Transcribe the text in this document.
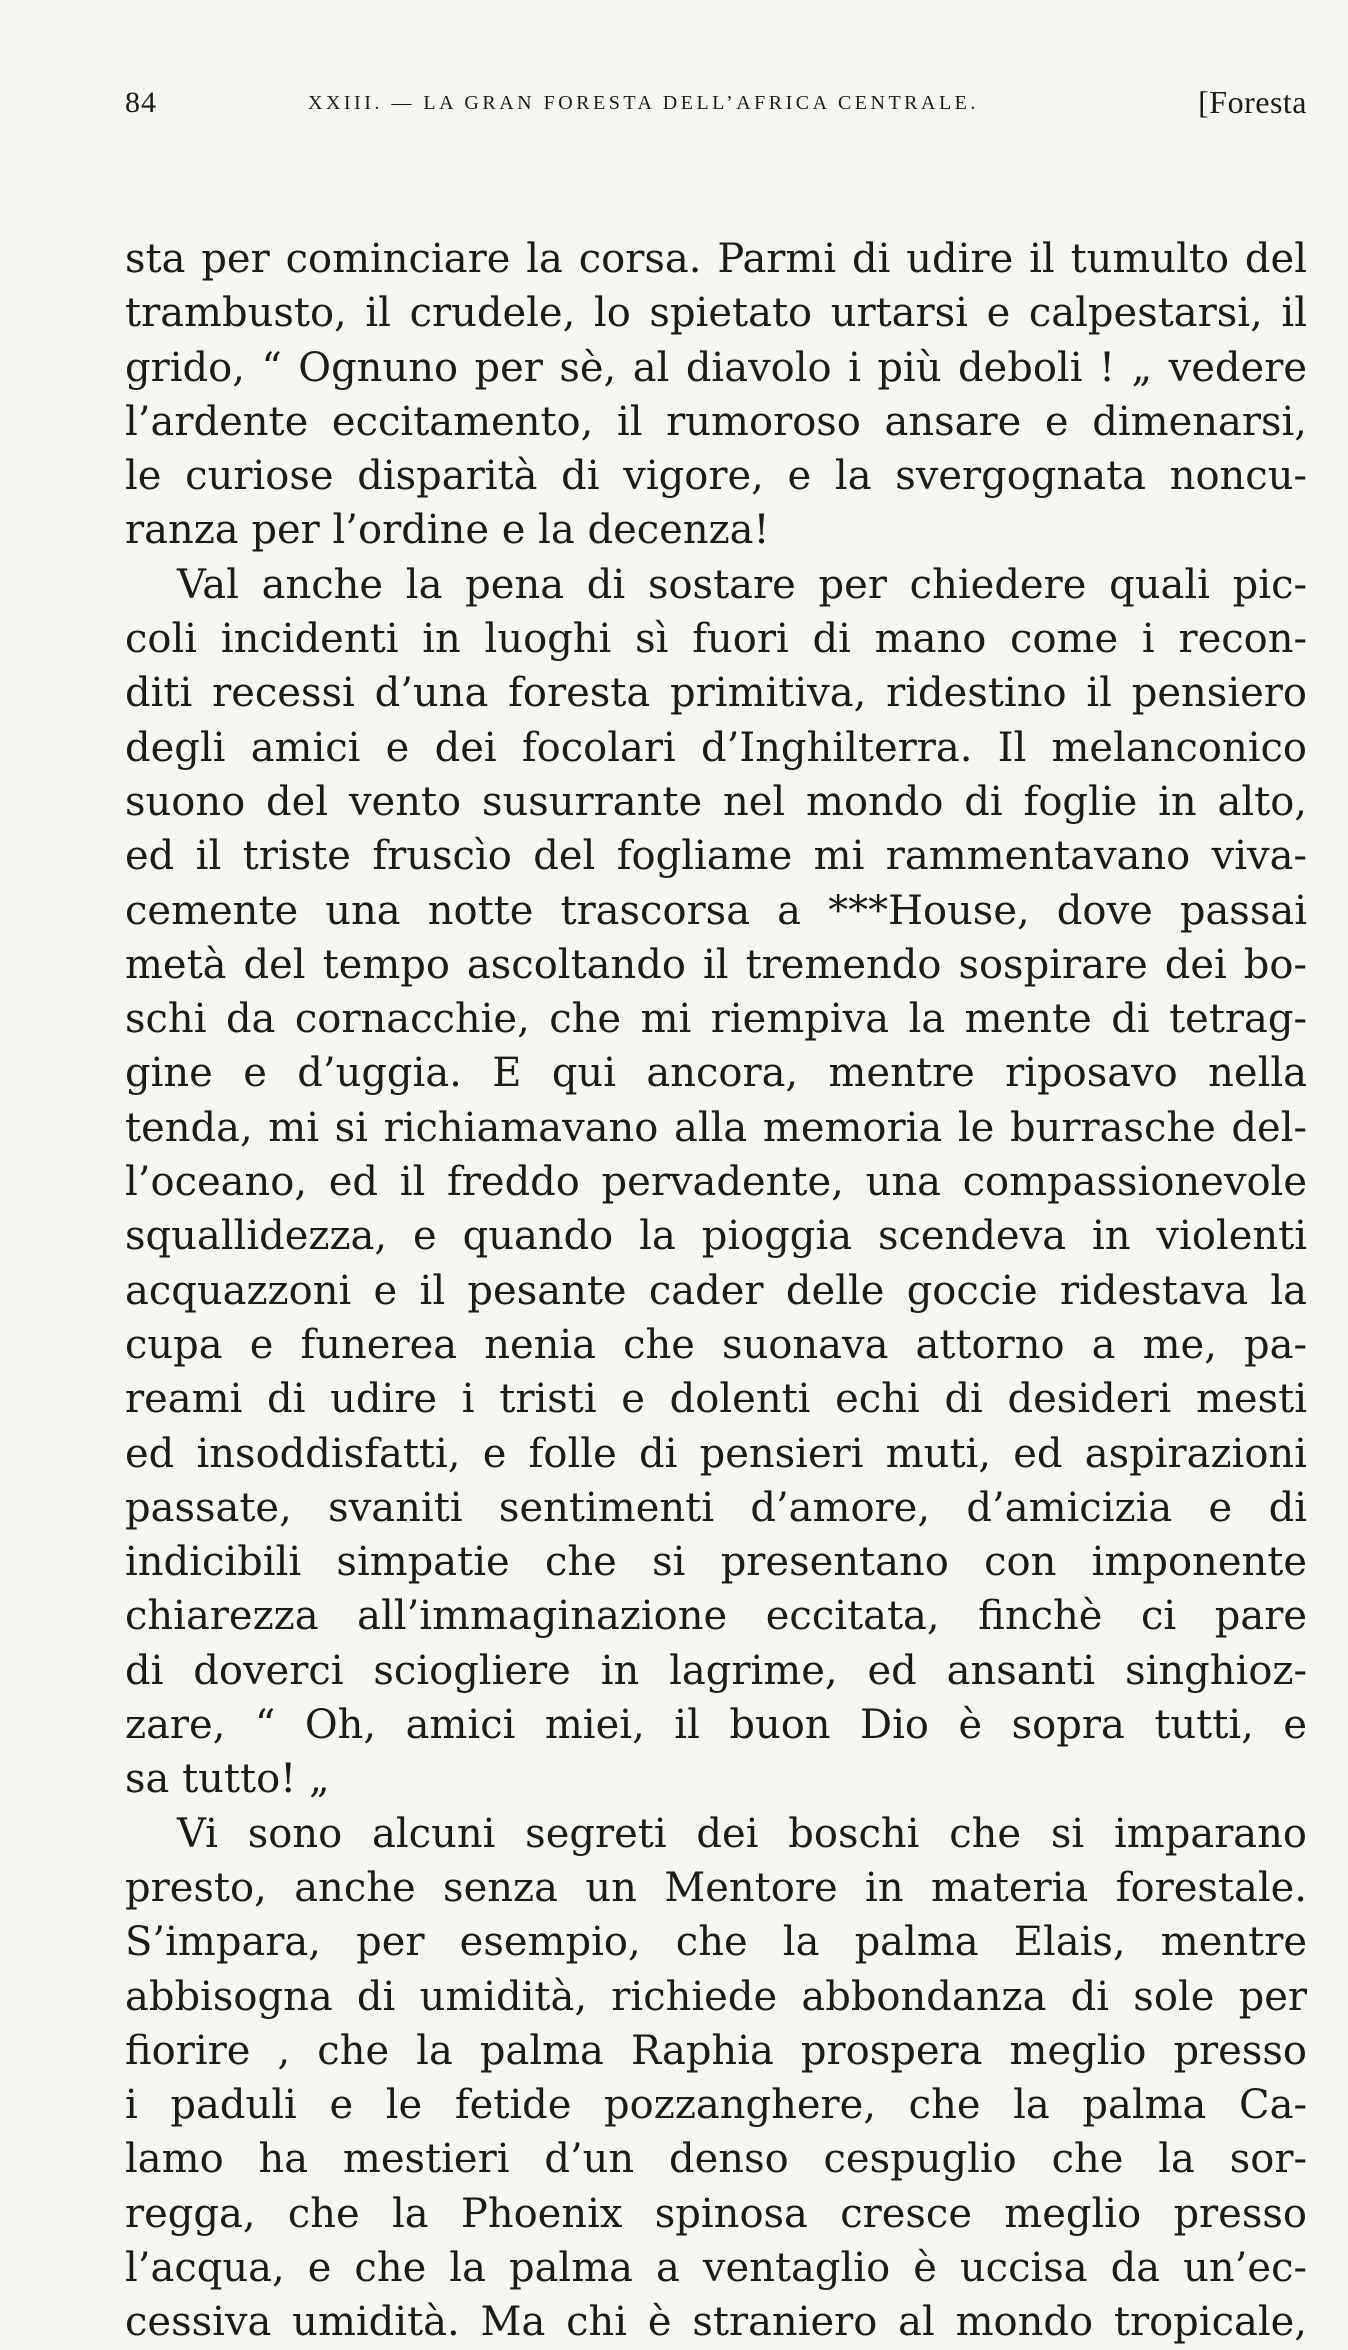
84	XXIII. — LA GRAN FORESTA DELL’AFRICA CENTRALE.	[Foresta
sta per cominciare la corsa. Parmi di udire il tumulto del
trambusto, il crudele, lo spietato urtarsi e calpestarsi, il
grido, “ Ognuno per sè, al diavolo i più deboli ! „ vedere
l’ardente eccitamento, il rumoroso ansare e dimenarsi,
le curiose disparità di vigore, e la svergognata noncu-
ranza per l’ordine e la decenza!
Val anche la pena di sostare per chiedere quali pic-
coli incidenti in luoghi sì fuori di mano come i recon-
diti recessi d’una foresta primitiva, ridestino il pensiero
degli amici e dei focolari d’Inghilterra. Il melanconico
suono del vento susurrante nel mondo di foglie in alto,
ed il triste fruscìo del fogliame mi rammentavano viva-
cemente una notte trascorsa a ***House, dove passai
metà del tempo ascoltando il tremendo sospirare dei bo-
schi da cornacchie, che mi riempiva la mente di tetrag-
gine e d’uggia. E qui ancora, mentre riposavo nella
tenda, mi si richiamavano alla memoria le burrasche del-
l’oceano, ed il freddo pervadente, una compassionevole
squallidezza, e quando la pioggia scendeva in violenti
acquazzoni e il pesante cader delle goccie ridestava la
cupa e funerea nenia che suonava attorno a me, pa-
reami di udire i tristi e dolenti echi di desideri mesti
ed insoddisfatti, e folle di pensieri muti, ed aspirazioni
passate, svaniti sentimenti d’amore, d’amicizia e di
indicibili simpatie che si presentano con imponente
chiarezza all’immaginazione eccitata, finchè ci pare
di doverci sciogliere in lagrime, ed ansanti singhioz-
zare, “ Oh, amici miei, il buon Dio è sopra tutti, e
sa tutto! „
Vi sono alcuni segreti dei boschi che si imparano
presto, anche senza un Mentore in materia forestale.
S’impara, per esempio, che la palma Elais, mentre
abbisogna di umidità, richiede abbondanza di sole per
fiorire , che la palma Raphia prospera meglio presso
i paduli e le fetide pozzanghere, che la palma Ca-
lamo ha mestieri d’un denso cespuglio che la sor-
regga, che la Phoenix spinosa cresce meglio presso
l’acqua, e che la palma a ventaglio è uccisa da un’ec-
cessiva umidità. Ma chi è straniero al mondo tropicale,
